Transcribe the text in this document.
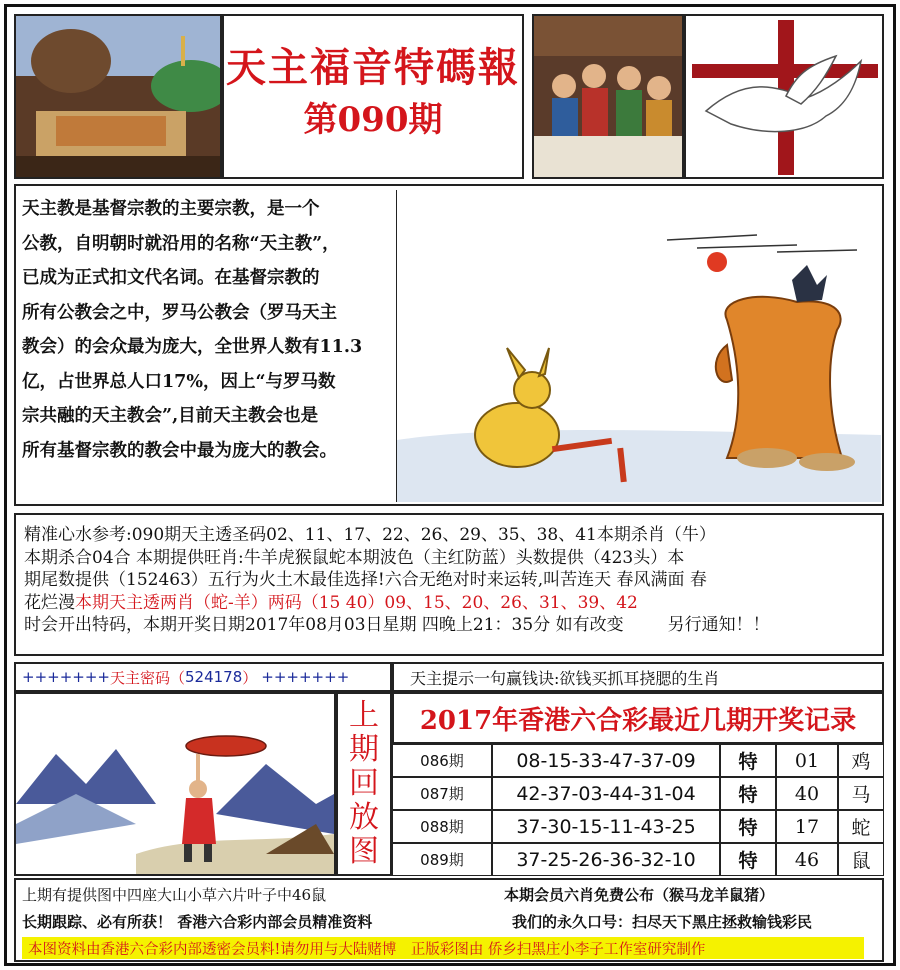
天主福音特碼報
第090期

天主教是基督宗教的主要宗教，是一个

公教，自明朝时就沿用的名称“天主教”，

已成为正式扣文代名词。在基督宗教的

所有公教会之中，罗马公教会（罗马天主

教会）的会众最为庞大，全世界人数有11.3

亿，占世界总人口17%，因上“与罗马数

宗共融的天主教会”,目前天主教会也是

所有基督宗教的教会中最为庞大的教会。

精准心水参考:090期天主透圣码02、11、17、22、26、29、35、38、41本期杀肖（牛）
本期杀合04合 本期提供旺肖:牛羊虎猴鼠蛇本期波色（主红防蓝）头数提供（423头）本
期尾数提供（152463）五行为火土木最佳选择!六合无绝对时来运转,叫苦连天 春风满面 春
花烂漫本期天主透两肖（蛇-羊）两码（15 40）09、15、20、26、31、39、42
时会开出特码，本期开奖日期2017年08月03日星期 四晚上21：35分 如有改变	另行通知！！
+++++++ 天主密码（ 524178 ） +++++++	天主提示一句赢钱诀:欲钱买抓耳挠腮的生肖
上
期
回
放
图
2017年香港六合彩最近几期开奖记录
086期	08-15-33-47-37-09	特	01	鸡
087期	42-37-03-44-31-04	特	40	马
088期	37-30-15-11-43-25	特	17	蛇
089期	37-25-26-36-32-10	特	46	鼠
上期有提供图中四座大山小草六片叶子中46鼠	本期会员六肖免费公布（猴马龙羊鼠猪）
长期跟踪、必有所获！ 香港六合彩内部会员精准资料	我们的永久口号：扫尽天下黑庄拯救输钱彩民
本图资料由香港六合彩内部透密会员料!请勿用与大陆赌博　正版彩图由 侨乡扫黑庄小李子工作室研究制作
